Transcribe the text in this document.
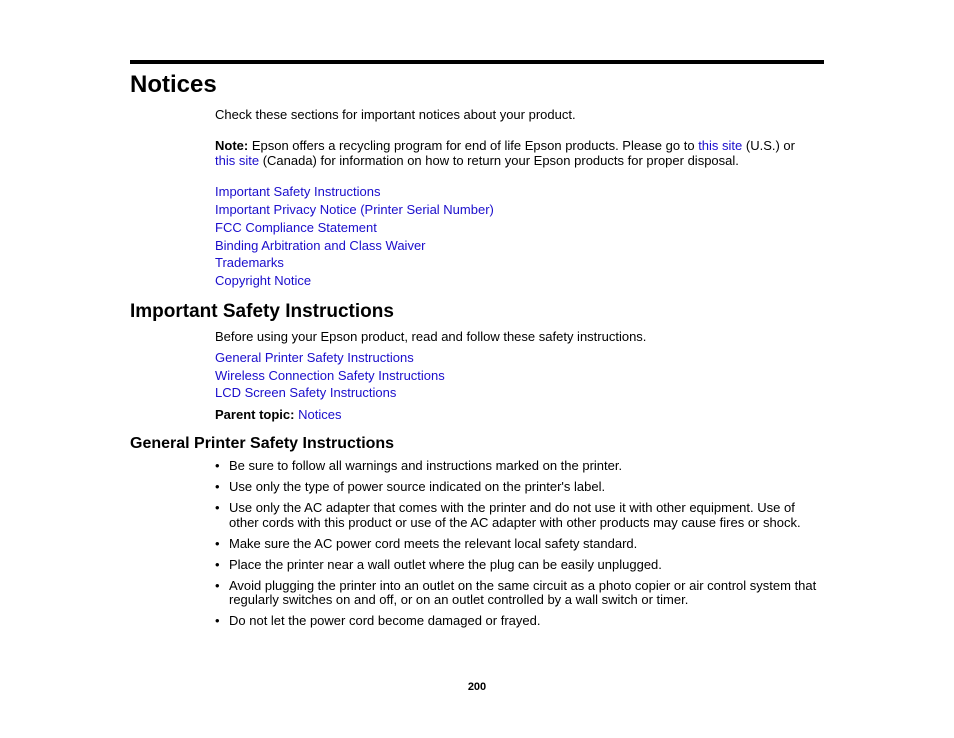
Notices
Check these sections for important notices about your product.
Note: Epson offers a recycling program for end of life Epson products. Please go to this site (U.S.) or
this site (Canada) for information on how to return your Epson products for proper disposal.
Important Safety Instructions
Important Privacy Notice (Printer Serial Number)
FCC Compliance Statement
Binding Arbitration and Class Waiver
Trademarks
Copyright Notice
Important Safety Instructions
Before using your Epson product, read and follow these safety instructions.
General Printer Safety Instructions
Wireless Connection Safety Instructions
LCD Screen Safety Instructions
Parent topic: Notices
General Printer Safety Instructions
• Be sure to follow all warnings and instructions marked on the printer.
• Use only the type of power source indicated on the printer's label.
• Use only the AC adapter that comes with the printer and do not use it with other equipment. Use of other cords with this product or use of the AC adapter with other products may cause fires or shock.
• Make sure the AC power cord meets the relevant local safety standard.
• Place the printer near a wall outlet where the plug can be easily unplugged.
• Avoid plugging the printer into an outlet on the same circuit as a photo copier or air control system that regularly switches on and off, or on an outlet controlled by a wall switch or timer.
• Do not let the power cord become damaged or frayed.
200
